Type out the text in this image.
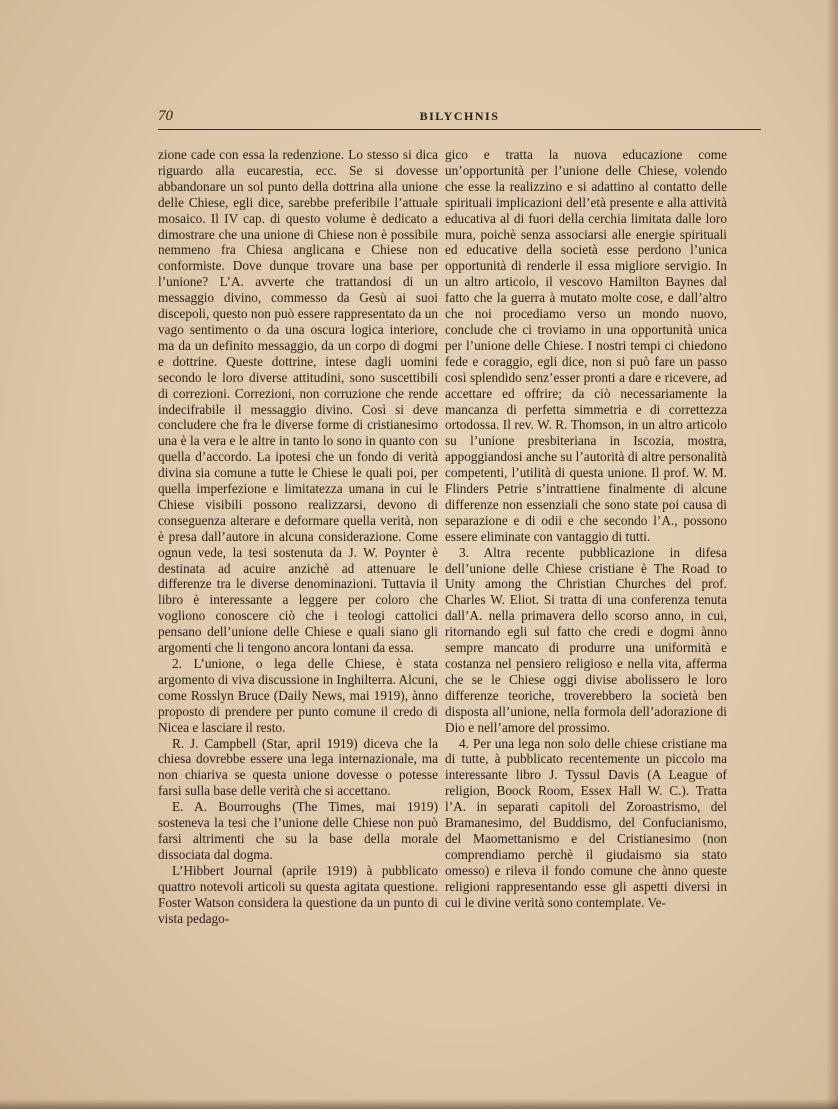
70	BILYCHNIS

zione cade con essa la redenzione. Lo stesso si dica riguardo alla eucarestia, ecc. Se si dovesse abbandonare un sol punto della dottrina alla unione delle Chiese, egli dice, sarebbe preferibile l’attuale mosaico. Il IV cap. di questo volume è dedicato a dimostrare che una unione di Chiese non è possibile nemmeno fra Chiesa anglicana e Chiese non conformiste. Dove dunque trovare una base per l’unione? L’A. avverte che trattandosi di un messaggio divino, commesso da Gesù ai suoi discepoli, questo non può essere rappresentato da un vago sentimento o da una oscura logica interiore, ma da un definito messaggio, da un corpo di dogmi e dottrine. Queste dottrine, intese dagli uomini secondo le loro diverse attitudini, sono suscettibili di correzioni. Correzioni, non corruzione che rende indecifrabile il messaggio divino. Così si deve concludere che fra le diverse forme di cristianesimo una è la vera e le altre in tanto lo sono in quanto con quella d’accordo. La ipotesi che un fondo di verità divina sia comune a tutte le Chiese le quali poi, per quella imperfezione e limitatezza umana in cui le Chiese visibili possono realizzarsi, devono di conseguenza alterare e deformare quella verità, non è presa dall’autore in alcuna considerazione. Come ognun vede, la tesi sostenuta da J. W. Poynter è destinata ad acuire anzichè ad attenuare le differenze tra le diverse denominazioni. Tuttavia il libro è interessante a leggere per coloro che vogliono conoscere ciò che i teologi cattolici pensano dell’unione delle Chiese e quali siano gli argomenti che li tengono ancora lontani da essa.

2. L’unione, o lega delle Chiese, è stata argomento di viva discussione in Inghilterra. Alcuni, come Rosslyn Bruce (Daily News, mai 1919), ànno proposto di prendere per punto comune il credo di Nicea e lasciare il resto.

R. J. Campbell (Star, april 1919) diceva che la chiesa dovrebbe essere una lega internazionale, ma non chiariva se questa unione dovesse o potesse farsi sulla base delle verità che si accettano.

E. A. Bourroughs (The Times, mai 1919) sosteneva la tesi che l’unione delle Chiese non può farsi altrimenti che su la base della morale dissociata dal dogma.

L’Hibbert Journal (aprile 1919) à pubblicato quattro notevoli articoli su questa agitata questione. Foster Watson considera la questione da un punto di vista pedago-

gico e tratta la nuova educazione come un’opportunità per l’unione delle Chiese, volendo che esse la realizzino e si adattino al contatto delle spirituali implicazioni dell’età presente e alla attività educativa al di fuori della cerchia limitata dalle loro mura, poichè senza associarsi alle energie spirituali ed educative della società esse perdono l’unica opportunità di renderle il essa migliore servigio. In un altro articolo, il vescovo Hamilton Baynes dal fatto che la guerra à mutato molte cose, e dall’altro che noi procediamo verso un mondo nuovo, conclude che ci troviamo in una opportunità unica per l’unione delle Chiese. I nostri tempi ci chiedono fede e coraggio, egli dice, non si può fare un passo così splendido senz’esser pronti a dare e ricevere, ad accettare ed offrire; da ciò necessariamente la mancanza di perfetta simmetria e di correttezza ortodossa. Il rev. W. R. Thomson, in un altro articolo su l’unione presbiteriana in Iscozia, mostra, appoggiandosi anche su l’autorità di altre personalità competenti, l’utilità di questa unione. Il prof. W. M. Flinders Petrie s’intrattiene finalmente di alcune differenze non essenziali che sono state poi causa di separazione e di odii e che secondo l’A., possono essere eliminate con vantaggio di tutti.

3. Altra recente pubblicazione in difesa dell’unione delle Chiese cristiane è The Road to Unity among the Christian Churches del prof. Charles W. Eliot. Si tratta di una conferenza tenuta dall’A. nella primavera dello scorso anno, in cui, ritornando egli sul fatto che credi e dogmi ànno sempre mancato di produrre una uniformità e costanza nel pensiero religioso e nella vita, afferma che se le Chiese oggi divise abolissero le loro differenze teoriche, troverebbero la società ben disposta all’unione, nella formola dell’adorazione di Dio e nell’amore del prossimo.

4. Per una lega non solo delle chiese cristiane ma di tutte, à pubblicato recentemente un piccolo ma interessante libro J. Tyssul Davis (A League of religion, Boock Room, Essex Hall W. C.). Tratta l’A. in separati capitoli del Zoroastrismo, del Bramanesimo, del Buddismo, del Confucianismo, del Maomettanismo e del Cristianesimo (non comprendiamo perchè il giudaismo sia stato omesso) e rileva il fondo comune che ànno queste religioni rappresentando esse gli aspetti diversi in cui le divine verità sono contemplate. Ve-
